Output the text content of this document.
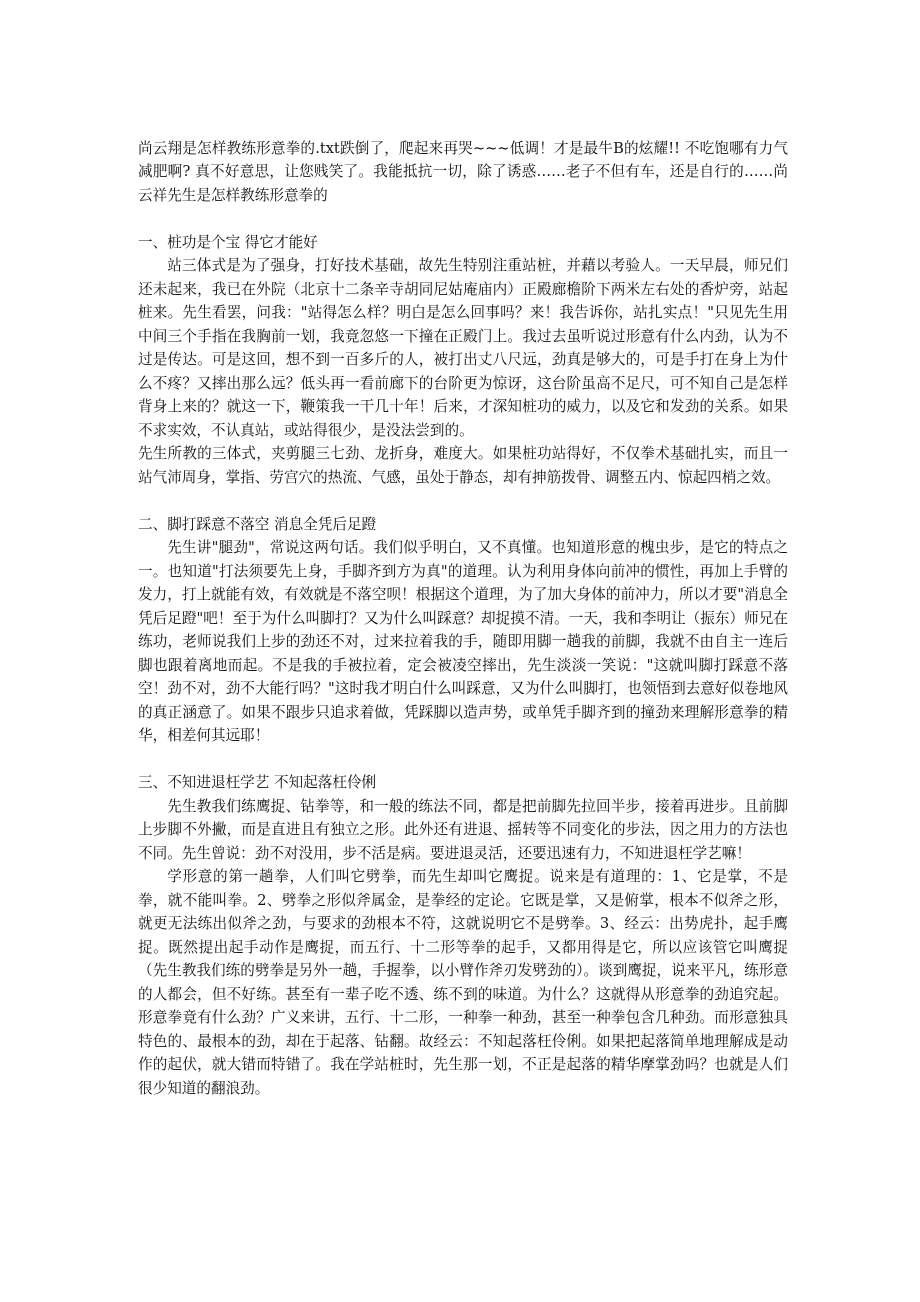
尚云翔是怎样教练形意拳的.txt跌倒了，爬起来再哭~~~低调！才是最牛B的炫耀!! 不吃饱哪有力气减肥啊? 真不好意思，让您贱笑了。我能抵抗一切，除了诱惑……老子不但有车，还是自行的……尚云祥先生是怎样教练形意拳的

一、桩功是个宝 得它才能好

站三体式是为了强身，打好技术基础，故先生特别注重站桩，并藉以考验人。一天早晨，师兄们还未起来，我已在外院（北京十二条辛寺胡同尼姑庵庙内）正殿廊檐阶下两米左右处的香炉旁，站起桩来。先生看罢，问我："站得怎么样？明白是怎么回事吗？来！我告诉你，站扎实点！"只见先生用中间三个手指在我胸前一划，我竟忽悠一下撞在正殿门上。我过去虽听说过形意有什么内劲，认为不过是传达。可是这回，想不到一百多斤的人，被打出丈八尺远，劲真是够大的，可是手打在身上为什么不疼？又摔出那么远？低头再一看前廊下的台阶更为惊讶，这台阶虽高不足尺，可不知自己是怎样背身上来的？就这一下，鞭策我一干几十年！后来，才深知桩功的威力，以及它和发劲的关系。如果不求实效，不认真站，或站得很少，是没法尝到的。

先生所教的三体式，夹剪腿三七劲、龙折身，难度大。如果桩功站得好，不仅拳术基础扎实，而且一站气沛周身，掌指、劳宫穴的热流、气感，虽处于静态，却有抻筋拨骨、调整五内、惊起四梢之效。

二、脚打踩意不落空 消息全凭后足蹬

先生讲"腿劲"，常说这两句话。我们似乎明白，又不真懂。也知道形意的槐虫步，是它的特点之一。也知道"打法须要先上身，手脚齐到方为真"的道理。认为利用身体向前冲的惯性，再加上手臂的发力，打上就能有效，有效就是不落空呗！根据这个道理，为了加大身体的前冲力，所以才要"消息全凭后足蹬"吧！至于为什么叫脚打？又为什么叫踩意？却捉摸不清。一天，我和李明让（振东）师兄在练功，老师说我们上步的劲还不对，过来拉着我的手，随即用脚一趟我的前脚，我就不由自主一连后脚也跟着离地而起。不是我的手被拉着，定会被凌空摔出，先生淡淡一笑说："这就叫脚打踩意不落空！劲不对，劲不大能行吗？"这时我才明白什么叫踩意，又为什么叫脚打，也领悟到去意好似卷地风的真正涵意了。如果不跟步只追求着做，凭踩脚以造声势，或单凭手脚齐到的撞劲来理解形意拳的精华，相差何其远耶！

三、不知进退枉学艺 不知起落枉伶俐

先生教我们练鹰捉、钻拳等，和一般的练法不同，都是把前脚先拉回半步，接着再进步。且前脚上步脚不外撇，而是直进且有独立之形。此外还有进退、摇转等不同变化的步法，因之用力的方法也不同。先生曾说：劲不对没用，步不活是病。要进退灵活，还要迅速有力，不知进退枉学艺嘛！

学形意的第一趟拳，人们叫它劈拳，而先生却叫它鹰捉。说来是有道理的：1、它是掌，不是拳，就不能叫拳。2、劈拳之形似斧属金，是拳经的定论。它既是掌，又是俯掌，根本不似斧之形，就更无法练出似斧之劲，与要求的劲根本不符，这就说明它不是劈拳。3、经云：出势虎扑，起手鹰捉。既然提出起手动作是鹰捉，而五行、十二形等拳的起手，又都用得是它，所以应该管它叫鹰捉（先生教我们练的劈拳是另外一趟，手握拳，以小臂作斧刃发劈劲的）。谈到鹰捉，说来平凡，练形意的人都会，但不好练。甚至有一辈子吃不透、练不到的味道。为什么？这就得从形意拳的劲追究起。形意拳竟有什么劲？广义来讲，五行、十二形，一种拳一种劲，甚至一种拳包含几种劲。而形意独具特色的、最根本的劲，却在于起落、钻翻。故经云：不知起落枉伶俐。如果把起落简单地理解成是动作的起伏，就大错而特错了。我在学站桩时，先生那一划，不正是起落的精华摩掌劲吗？也就是人们很少知道的翻浪劲。
